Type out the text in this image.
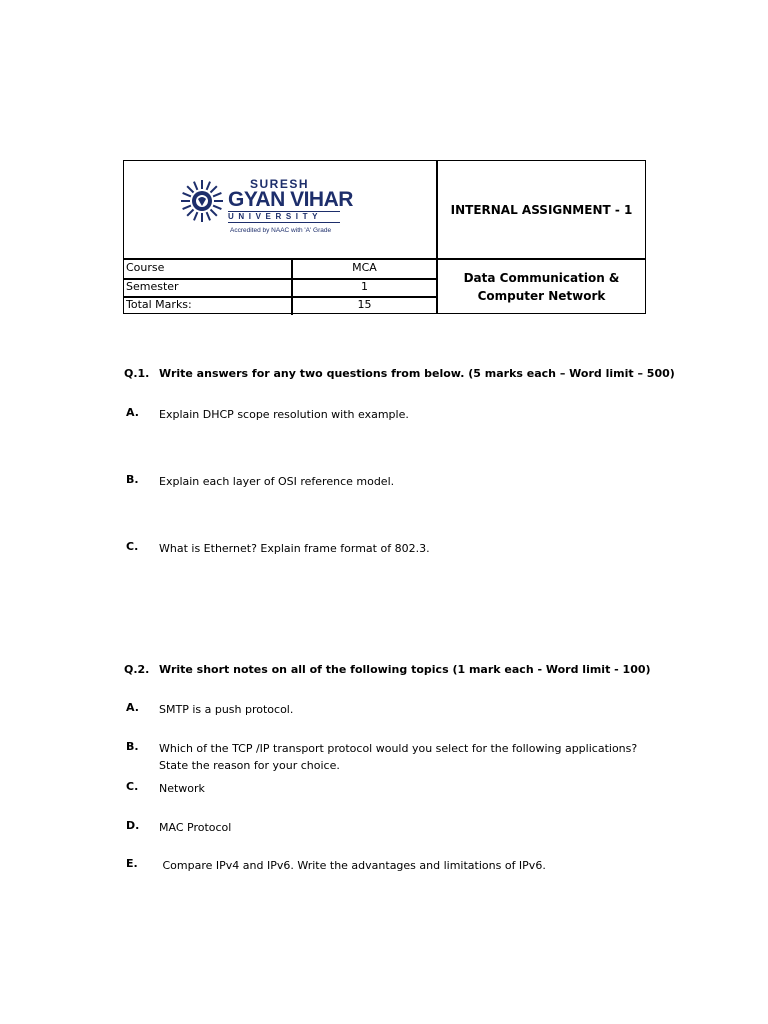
SURESH
GYAN VIHAR
UNIVERSITY
Accredited by NAAC with 'A' Grade
INTERNAL ASSIGNMENT - 1
Course	MCA
Semester	1
Total Marks:	15
Data Communication & Computer Network
Q.1. Write answers for any two questions from below. (5 marks each – Word limit – 500)
A. Explain DHCP scope resolution with example.
B. Explain each layer of OSI reference model.
C. What is Ethernet? Explain frame format of 802.3.
Q.2. Write short notes on all of the following topics (1 mark each - Word limit - 100)
A. SMTP is a push protocol.
B. Which of the TCP /IP transport protocol would you select for the following applications? State the reason for your choice.
C. Network
D. MAC Protocol
E. Compare IPv4 and IPv6. Write the advantages and limitations of IPv6.
